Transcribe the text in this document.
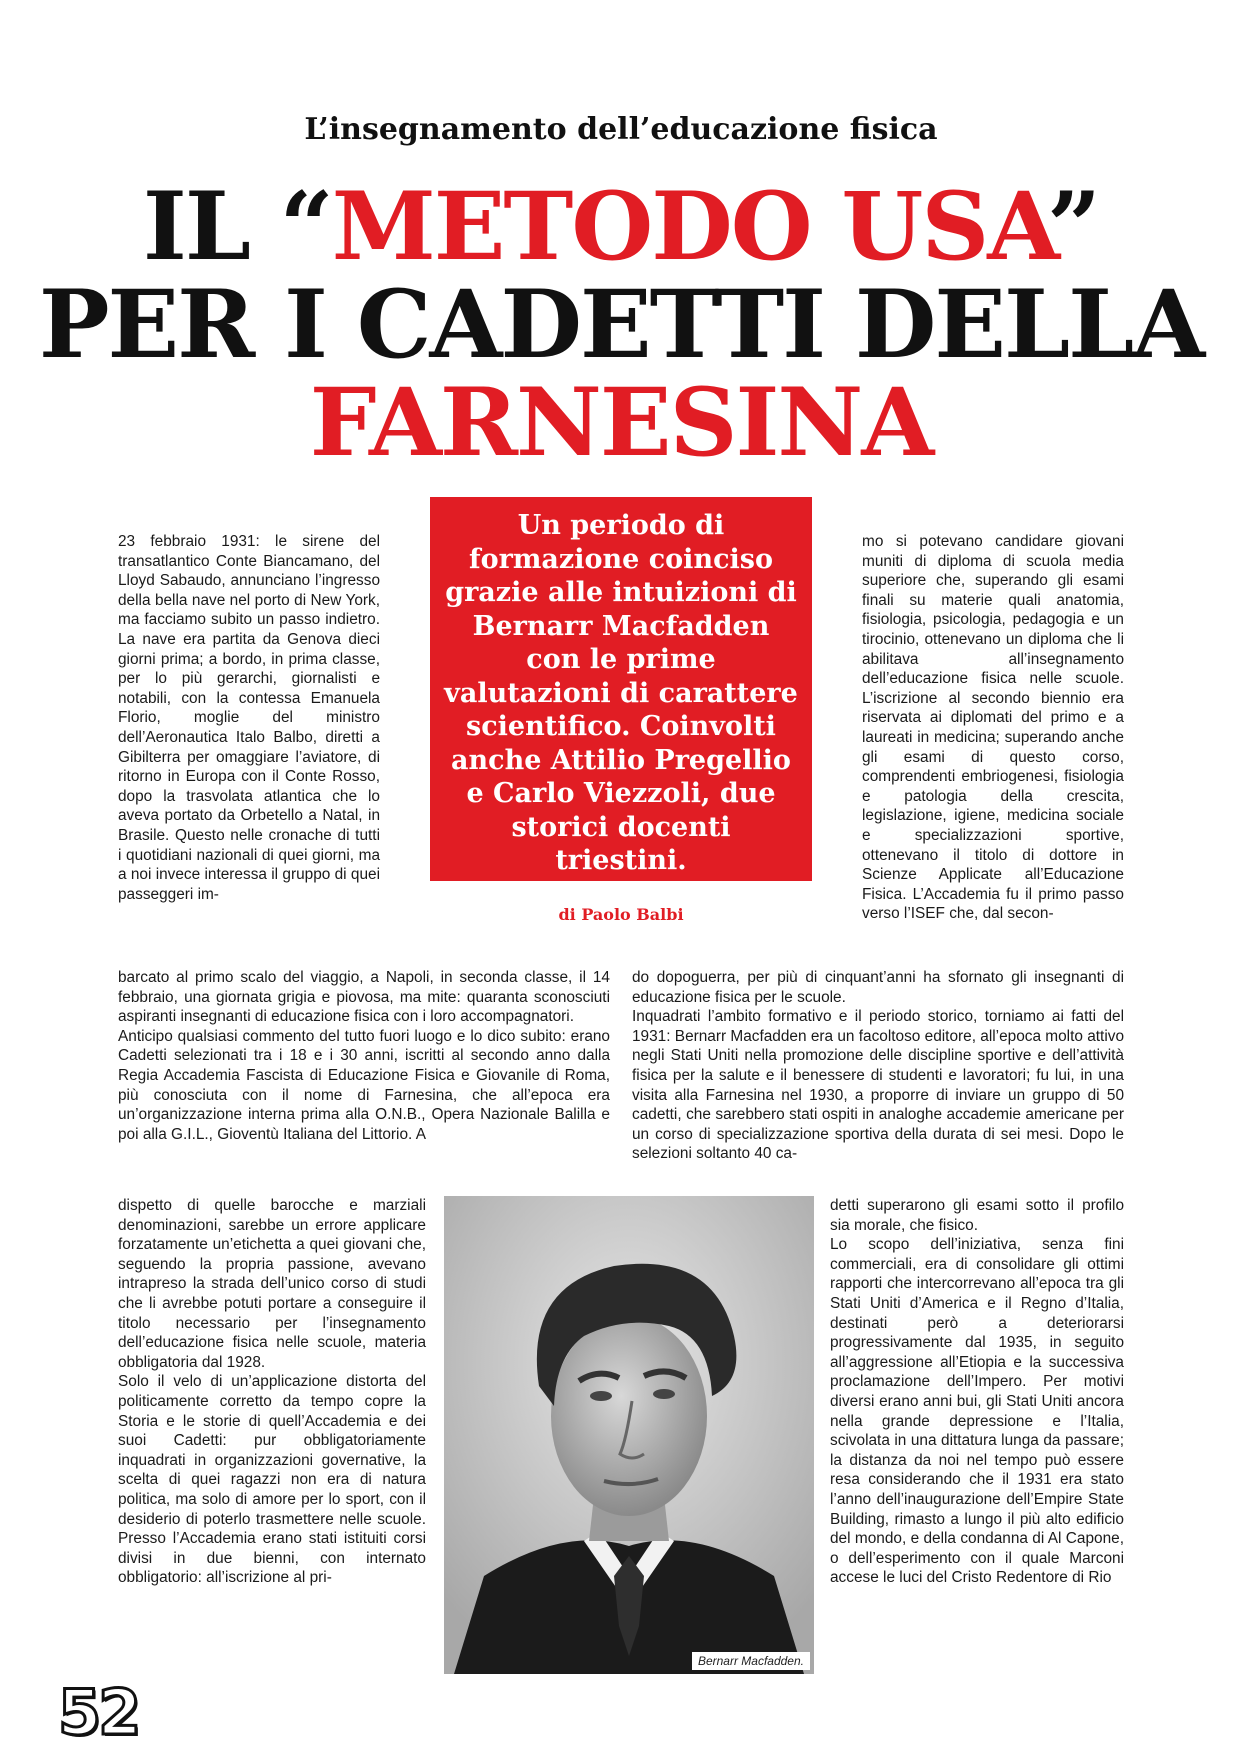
L’insegnamento dell’educazione fisica
IL “METODO USA”
PER I CADETTI DELLA
FARNESINA
Un periodo di formazione coinciso grazie alle intuizioni di Bernarr Macfadden con le prime valutazioni di carattere scientifico. Coinvolti anche Attilio Pregellio e Carlo Viezzoli, due storici docenti triestini.
di Paolo Balbi

23 febbraio 1931: le sirene del transatlantico Conte Biancamano, del Lloyd Sabaudo, annunciano l’ingresso della bella nave nel porto di New York, ma facciamo subito un passo indietro. La nave era partita da Genova dieci giorni prima; a bordo, in prima classe, per lo più gerarchi, giornalisti e notabili, con la contessa Emanuela Florio, moglie del ministro dell’Aeronautica Italo Balbo, diretti a Gibilterra per omaggiare l’aviatore, di ritorno in Europa con il Conte Rosso, dopo la trasvolata atlantica che lo aveva portato da Orbetello a Natal, in Brasile. Questo nelle cronache di tutti i quotidiani nazionali di quei giorni, ma a noi invece interessa il gruppo di quei passeggeri im-

mo si potevano candidare giovani muniti di diploma di scuola media superiore che, superando gli esami finali su materie quali anatomia, fisiologia, psicologia, pedagogia e un tirocinio, ottenevano un diploma che li abilitava all’insegnamento dell’educazione fisica nelle scuole. L’iscrizione al secondo biennio era riservata ai diplomati del primo e a laureati in medicina; superando anche gli esami di questo corso, comprendenti embriogenesi, fisiologia e patologia della crescita, legislazione, igiene, medicina sociale e specializzazioni sportive, ottenevano il titolo di dottore in Scienze Applicate all’Educazione Fisica. L’Accademia fu il primo passo verso l’ISEF che, dal secon-

barcato al primo scalo del viaggio, a Napoli, in seconda classe, il 14 febbraio, una giornata grigia e piovosa, ma mite: quaranta sconosciuti aspiranti insegnanti di educazione fisica con i loro accompagnatori.

Anticipo qualsiasi commento del tutto fuori luogo e lo dico subito: erano Cadetti selezionati tra i 18 e i 30 anni, iscritti al secondo anno dalla Regia Accademia Fascista di Educazione Fisica e Giovanile di Roma, più conosciuta con il nome di Farnesina, che all’epoca era un’organizzazione interna prima alla O.N.B., Opera Nazionale Balilla e poi alla G.I.L., Gioventù Italiana del Littorio. A

do dopoguerra, per più di cinquant’anni ha sfornato gli insegnanti di educazione fisica per le scuole.

Inquadrati l’ambito formativo e il periodo storico, torniamo ai fatti del 1931: Bernarr Macfadden era un facoltoso editore, all’epoca molto attivo negli Stati Uniti nella promozione delle discipline sportive e dell’attività fisica per la salute e il benessere di studenti e lavoratori; fu lui, in una visita alla Farnesina nel 1930, a proporre di inviare un gruppo di 50 cadetti, che sarebbero stati ospiti in analoghe accademie americane per un corso di specializzazione sportiva della durata di sei mesi. Dopo le selezioni soltanto 40 ca-

dispetto di quelle barocche e marziali denominazioni, sarebbe un errore applicare forzatamente un’etichetta a quei giovani che, seguendo la propria passione, avevano intrapreso la strada dell’unico corso di studi che li avrebbe potuti portare a conseguire il titolo necessario per l’insegnamento dell’educazione fisica nelle scuole, materia obbligatoria dal 1928.

Solo il velo di un’applicazione distorta del politicamente corretto da tempo copre la Storia e le storie di quell’Accademia e dei suoi Cadetti: pur obbligatoriamente inquadrati in organizzazioni governative, la scelta di quei ragazzi non era di natura politica, ma solo di amore per lo sport, con il desiderio di poterlo trasmettere nelle scuole. Presso l’Accademia erano stati istituiti corsi divisi in due bienni, con internato obbligatorio: all’iscrizione al pri-

detti superarono gli esami sotto il profilo sia morale, che fisico.

Lo scopo dell’iniziativa, senza fini commerciali, era di consolidare gli ottimi rapporti che intercorrevano all’epoca tra gli Stati Uniti d’America e il Regno d’Italia, destinati però a deteriorarsi progressivamente dal 1935, in seguito all’aggressione all’Etiopia e la successiva proclamazione dell’Impero. Per motivi diversi erano anni bui, gli Stati Uniti ancora nella grande depressione e l’Italia, scivolata in una dittatura lunga da passare; la distanza da noi nel tempo può essere resa considerando che il 1931 era stato l’anno dell’inaugurazione dell’Empire State Building, rimasto a lungo il più alto edificio del mondo, e della condanna di Al Capone, o dell’esperimento con il quale Marconi accese le luci del Cristo Redentore di Rio

Bernarr Macfadden.
52
